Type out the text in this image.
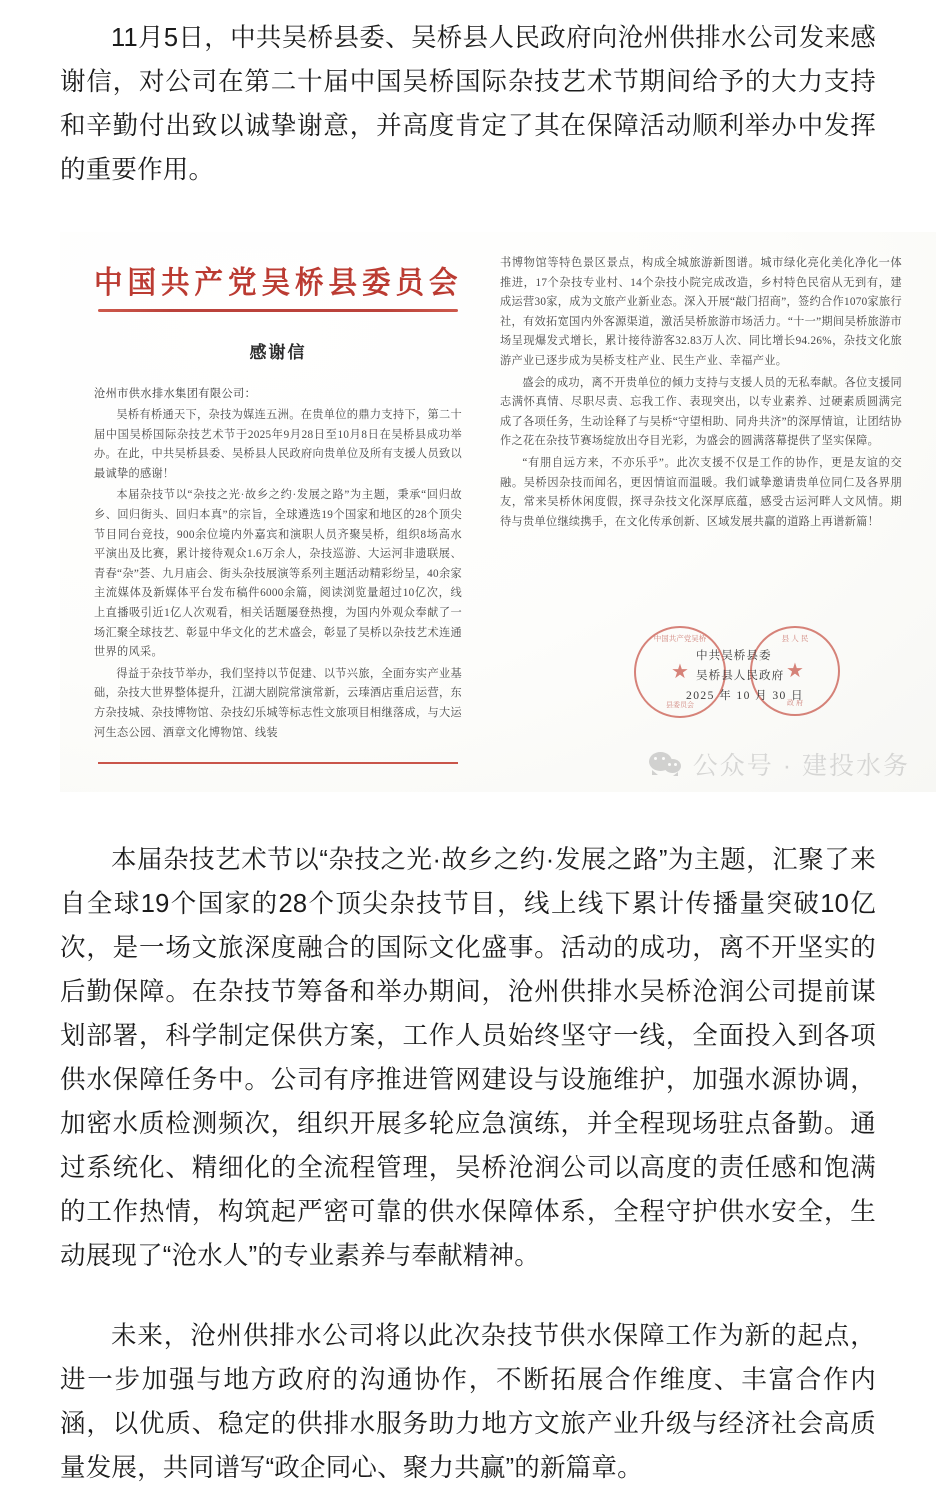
11月5日，中共吴桥县委、吴桥县人民政府向沧州供排水公司发来感谢信，对公司在第二十届中国吴桥国际杂技艺术节期间给予的大力支持和辛勤付出致以诚挚谢意，并高度肯定了其在保障活动顺利举办中发挥的重要作用。

中国共产党吴桥县委员会
感谢信
沧州市供水排水集团有限公司：
吴桥有桥通天下，杂技为媒连五洲。在贵单位的鼎力支持下，第二十届中国吴桥国际杂技艺术节于2025年9月28日至10月8日在吴桥县成功举办。在此，中共吴桥县委、吴桥县人民政府向贵单位及所有支援人员致以最诚挚的感谢！
本届杂技节以“杂技之光·故乡之约·发展之路”为主题，秉承“回归故乡、回归街头、回归本真”的宗旨，全球遴选19个国家和地区的28个顶尖节目同台竞技，900余位境内外嘉宾和演职人员齐聚吴桥，组织8场高水平演出及比赛，累计接待观众1.6万余人，杂技巡游、大运河非遗联展、青春“杂”荟、九月庙会、街头杂技展演等系列主题活动精彩纷呈，40余家主流媒体及新媒体平台发布稿件6000余篇，阅读浏览量超过10亿次，线上直播吸引近1亿人次观看，相关话题屡登热搜，为国内外观众奉献了一场汇聚全球技艺、彰显中华文化的艺术盛会，彰显了吴桥以杂技艺术连通世界的风采。
得益于杂技节举办，我们坚持以节促建、以节兴旅，全面夯实产业基础，杂技大世界整体提升，江湖大剧院常演常新，云瑧酒店重启运营，东方杂技城、杂技博物馆、杂技幻乐城等标志性文旅项目相继落成，与大运河生态公园、酒章文化博物馆、线装
书博物馆等特色景区景点，构成全城旅游新图谱。城市绿化亮化美化净化一体推进，17个杂技专业村、14个杂技小院完成改造，乡村特色民宿从无到有，建成运营30家，成为文旅产业新业态。深入开展“敲门招商”，签约合作1070家旅行社，有效拓宽国内外客源渠道，激活吴桥旅游市场活力。“十一”期间吴桥旅游市场呈现爆发式增长，累计接待游客32.83万人次、同比增长94.26%，杂技文化旅游产业已逐步成为吴桥支柱产业、民生产业、幸福产业。
盛会的成功，离不开贵单位的倾力支持与支援人员的无私奉献。各位支援同志满怀真情、尽职尽责、忘我工作、表现突出，以专业素养、过硬素质圆满完成了各项任务，生动诠释了与吴桥“守望相助、同舟共济”的深厚情谊，让团结协作之花在杂技节赛场绽放出夺目光彩，为盛会的圆满落幕提供了坚实保障。
“有朋自远方来，不亦乐乎”。此次支援不仅是工作的协作，更是友谊的交融。吴桥因杂技而闻名，更因情谊而温暖。我们诚挚邀请贵单位同仁及各界朋友，常来吴桥休闲度假，探寻杂技文化深厚底蕴，感受古运河畔人文风情。期待与贵单位继续携手，在文化传承创新、区域发展共赢的道路上再谱新篇！
中国共产党吴桥
★
县委员会
县 人 民
★
政 府
中共吴桥县委
吴桥县人民政府
2025 年 10 月 30 日
公众号 · 建投水务

本届杂技艺术节以“杂技之光·故乡之约·发展之路”为主题，汇聚了来自全球19个国家的28个顶尖杂技节目，线上线下累计传播量突破10亿次，是一场文旅深度融合的国际文化盛事。活动的成功，离不开坚实的后勤保障。在杂技节筹备和举办期间，沧州供排水吴桥沧润公司提前谋划部署，科学制定保供方案，工作人员始终坚守一线，全面投入到各项供水保障任务中。公司有序推进管网建设与设施维护，加强水源协调，加密水质检测频次，组织开展多轮应急演练，并全程现场驻点备勤。通过系统化、精细化的全流程管理，吴桥沧润公司以高度的责任感和饱满的工作热情，构筑起严密可靠的供水保障体系，全程守护供水安全，生动展现了“沧水人”的专业素养与奉献精神。

未来，沧州供排水公司将以此次杂技节供水保障工作为新的起点，进一步加强与地方政府的沟通协作，不断拓展合作维度、丰富合作内涵，以优质、稳定的供排水服务助力地方文旅产业升级与经济社会高质量发展，共同谱写“政企同心、聚力共赢”的新篇章。
